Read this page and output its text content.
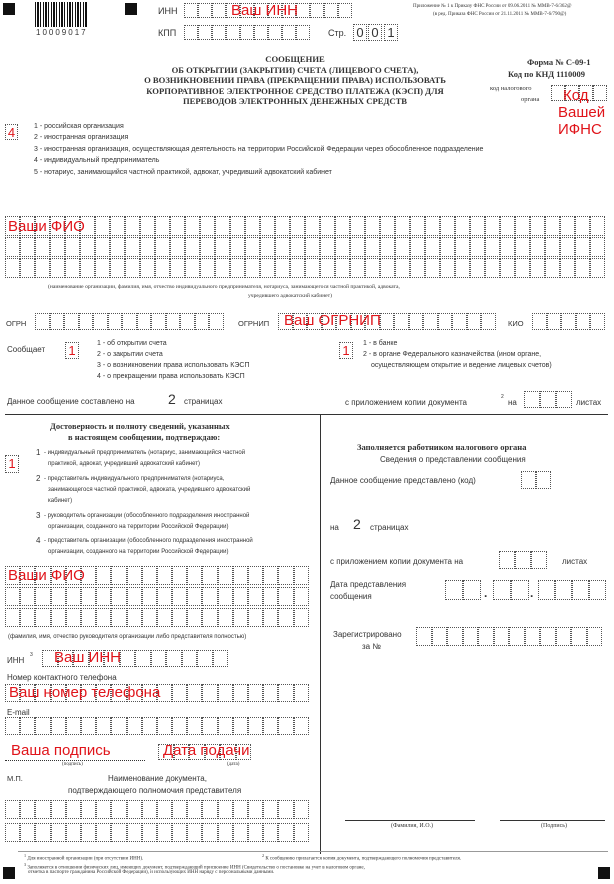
10009017
ИНН	Ваш ИНН
КПП	Стр. 0 0 1
Приложение № 1 к Приказу ФНС России от 09.06.2011 № ММВ-7-6/362@
(в ред. Приказа ФНС России от 21.11.2011 № ММВ-7-6/790@)
СООБЩЕНИЕ
ОБ ОТКРЫТИИ (ЗАКРЫТИИ) СЧЕТА (ЛИЦЕВОГО СЧЕТА),
О ВОЗНИКНОВЕНИИ ПРАВА (ПРЕКРАЩЕНИИ ПРАВА) ИСПОЛЬЗОВАТЬ
КОРПОРАТИВНОЕ ЭЛЕКТРОННОЕ СРЕДСТВО ПЛАТЕЖА (КЭСП) ДЛЯ
ПЕРЕВОДОВ ЭЛЕКТРОННЫХ ДЕНЕЖНЫХ СРЕДСТВ
Форма № С-09-1
Код по КНД 1110009
код налогового
органа Код
Вашей
ИФНС
4	1 - российская организация
2 - иностранная организация
3 - иностранная организация, осуществляющая деятельность на территории Российской Федерации через обособленное подразделение
4 - индивидуальный предприниматель
5 - нотариус, занимающийся частной практикой, адвокат, учредивший адвокатский кабинет
Ваши ФИО
(наименование организации, фамилия, имя, отчество индивидуального предпринимателя, нотариуса, занимающегося частной практикой, адвоката,
учредившего адвокатский кабинет)
ОГРН	ОГРНИП Ваш ОГРНИП	КИО
Сообщает 1	1 - об открытии счета
2 - о закрытии счета
3 - о возникновении права использовать КЭСП
4 - о прекращении права использовать КЭСП
1	1 - в банке
2 - в органе Федерального казначейства (ином органе,
осуществляющем открытие и ведение лицевых счетов)
Данное сообщение составлено на 2 страницах	с приложением копии документа
2
на	листах
Достоверность и полноту сведений, указанных
в настоящем сообщении, подтверждаю:
1
1 - индивидуальный предприниматель (нотариус, занимающийся частной
практикой, адвокат, учредивший адвокатский кабинет)
2 - представитель индивидуального предпринимателя (нотариуса,
занимающегося частной практикой, адвоката, учредившего адвокатский
кабинет)
3 - руководитель организации (обособленного подразделения иностранной
организации, созданного на территории Российской Федерации)
4 - представитель организации (обособленного подразделения иностранной
организации, созданного на территории Российской Федерации)
Ваши ФИО
(фамилия, имя, отчество руководителя организации либо представителя полностью)
ИНН
3 Ваш ИНН
Номер контактного телефона
Ваш номер телефона
E-mail
Ваша подпись
(подпись)
Дата подачи
(дата)
М.П.	Наименование документа,
подтверждающего полномочия представителя
Заполняется работником налогового органа
Сведения о представлении сообщения
Данное сообщение представлено (код)
на 2 страницах
с приложением копии документа на	листах
Дата представления
сообщения	.	.
Зарегистрировано
за №
(Фамилия, И.О.)	(Подпись)
$^1$ Для иностранной организации (при отсутствии ИНН).
$^2$ К сообщению прилагается копия документа, подтверждающего полномочия представителя.
$^3$ Заполняется в отношении физических лиц, имеющих документ, подтверждающий присвоение ИНН (Свидетельство о постановке на учет в налоговом органе,
отметка в паспорте гражданина Российской Федерации), и использующих ИНН наряду с персональными данными.
